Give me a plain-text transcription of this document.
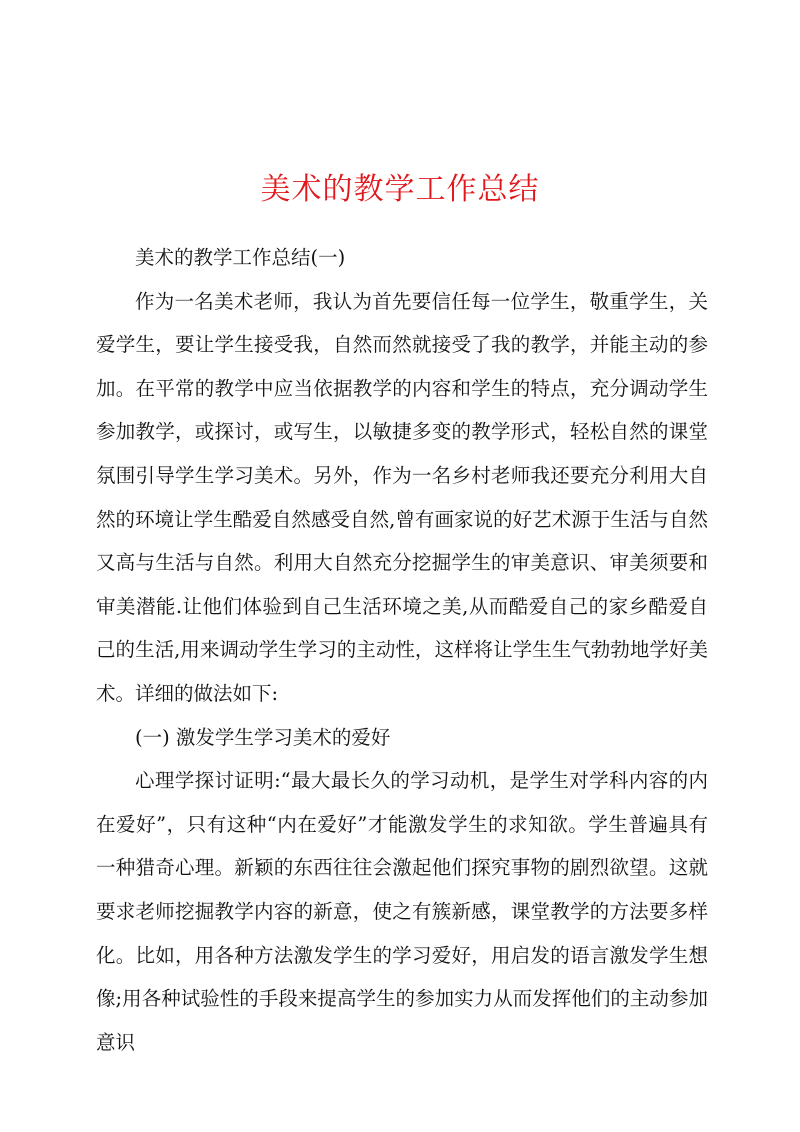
美术的教学工作总结

美术的教学工作总结(一)

作为一名美术老师，我认为首先要信任每一位学生，敬重学生，关爱学生，要让学生接受我，自然而然就接受了我的教学，并能主动的参加。在平常的教学中应当依据教学的内容和学生的特点，充分调动学生参加教学，或探讨，或写生，以敏捷多变的教学形式，轻松自然的课堂氛围引导学生学习美术。另外，作为一名乡村老师我还要充分利用大自然的环境让学生酷爱自然感受自然,曾有画家说的好艺术源于生活与自然又高与生活与自然。利用大自然充分挖掘学生的审美意识、审美须要和审美潜能.让他们体验到自己生活环境之美,从而酷爱自己的家乡酷爱自己的生活,用来调动学生学习的主动性，这样将让学生生气勃勃地学好美术。详细的做法如下:

(一) 激发学生学习美术的爱好

心理学探讨证明:“最大最长久的学习动机，是学生对学科内容的内在爱好”，只有这种“内在爱好”才能激发学生的求知欲。学生普遍具有一种猎奇心理。新颖的东西往往会激起他们探究事物的剧烈欲望。这就要求老师挖掘教学内容的新意，使之有簇新感，课堂教学的方法要多样化。比如，用各种方法激发学生的学习爱好，用启发的语言激发学生想像;用各种试验性的手段来提高学生的参加实力从而发挥他们的主动参加意识
